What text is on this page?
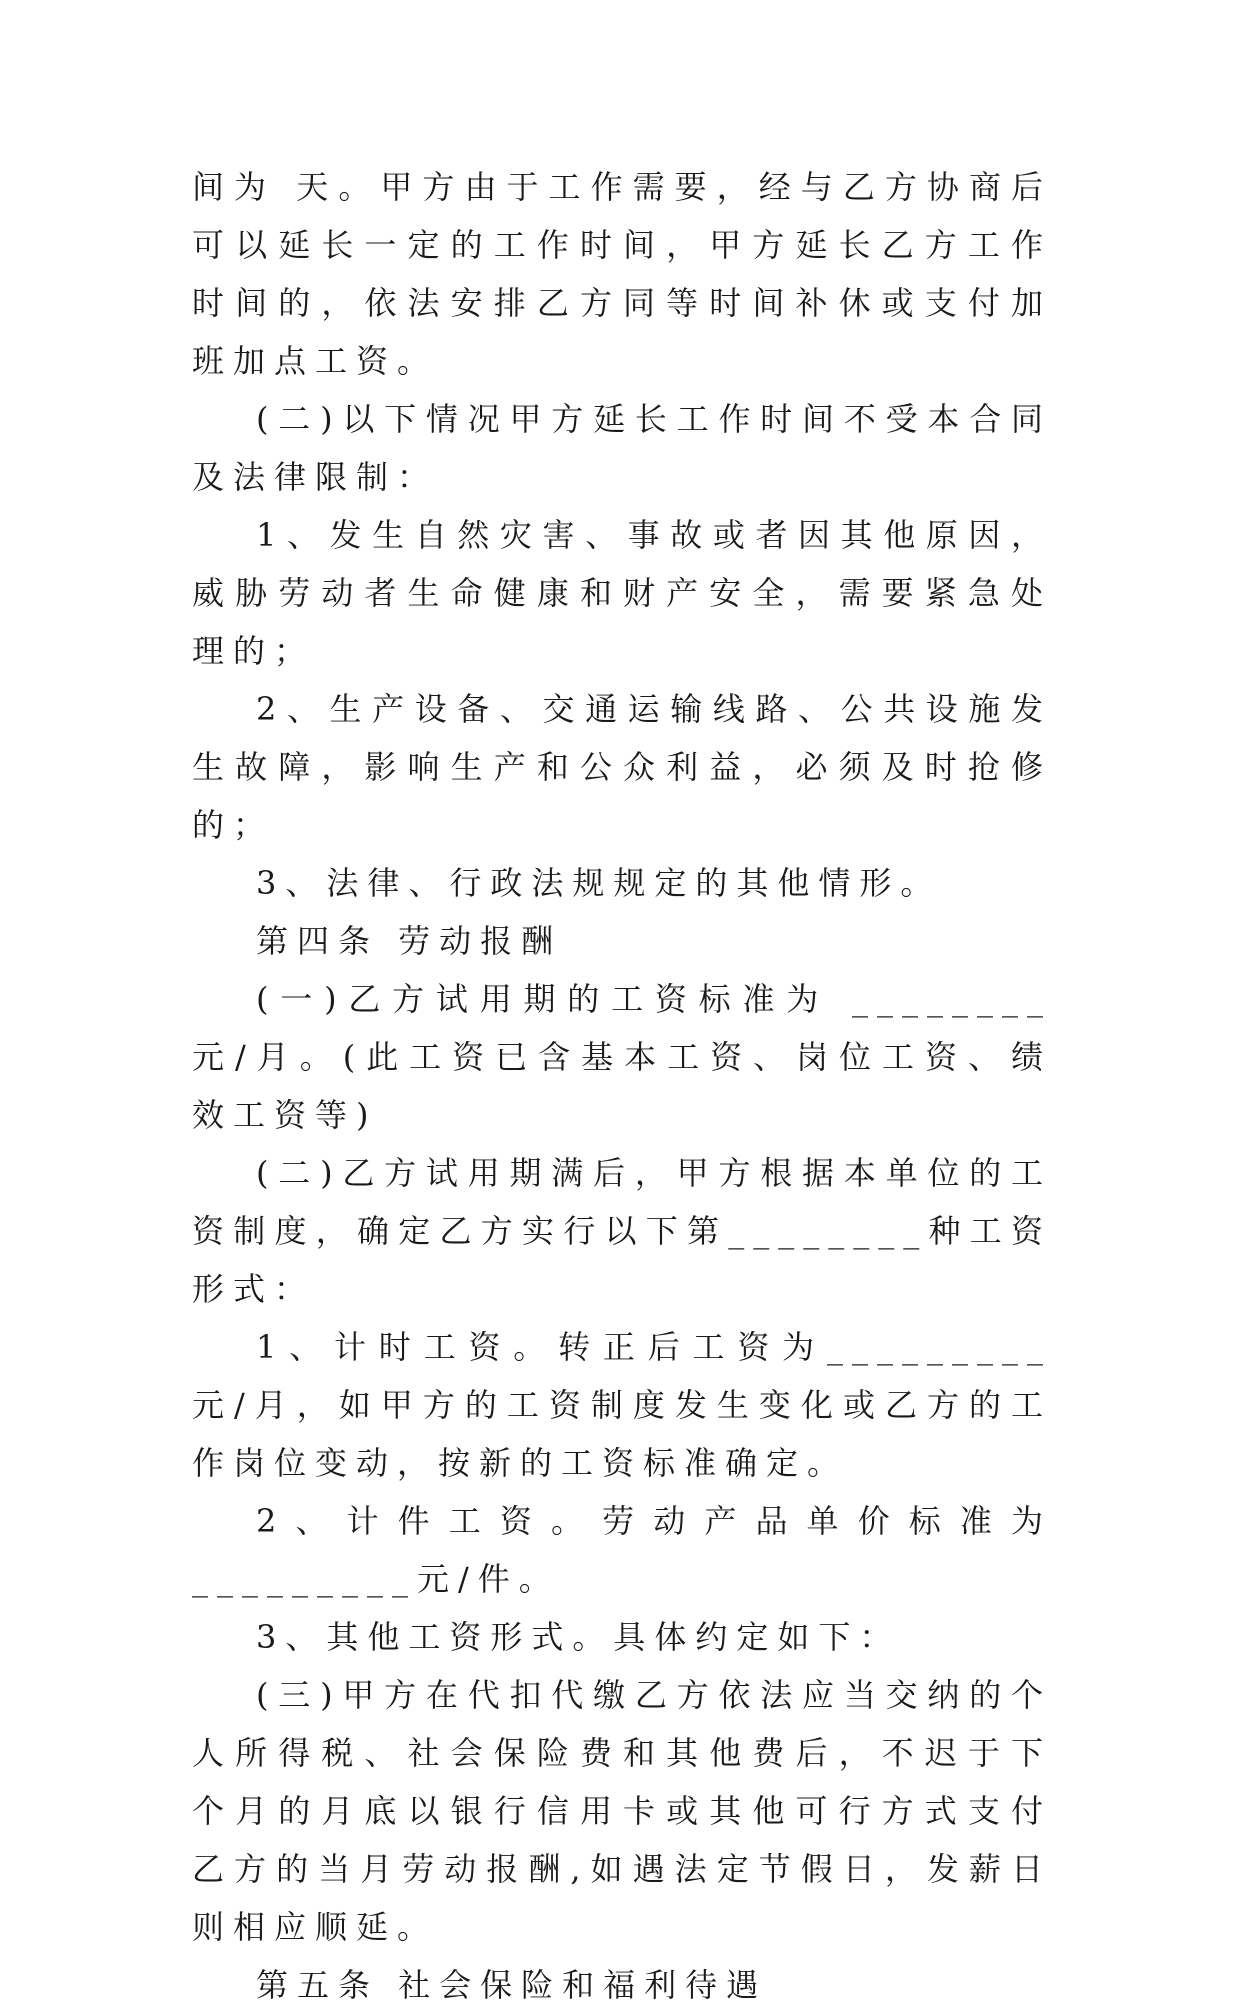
间为 天。甲方由于工作需要，经与乙方协商后可以延长一定的工作时间，甲方延长乙方工作时间的，依法安排乙方同等时间补休或支付加班加点工资。

(二)以下情况甲方延长工作时间不受本合同及法律限制：

1、发生自然灾害、事故或者因其他原因，威胁劳动者生命健康和财产安全，需要紧急处理的；

2、生产设备、交通运输线路、公共设施发生故障，影响生产和公众利益，必须及时抢修的；

3、法律、行政法规规定的其他情形。

第四条 劳动报酬

(一)乙方试用期的工资标准为 ________元/月。(此工资已含基本工资、岗位工资、绩效工资等)

(二)乙方试用期满后，甲方根据本单位的工资制度，确定乙方实行以下第________种工资形式：

1、计时工资。转正后工资为_________元/月，如甲方的工资制度发生变化或乙方的工作岗位变动，按新的工资标准确定。

2、计件工资。劳动产品单价标准为_________元/件。

3、其他工资形式。具体约定如下：

(三)甲方在代扣代缴乙方依法应当交纳的个人所得税、社会保险费和其他费后，不迟于下个月的月底以银行信用卡或其他可行方式支付乙方的当月劳动报酬,如遇法定节假日，发薪日则相应顺延。

第五条 社会保险和福利待遇
